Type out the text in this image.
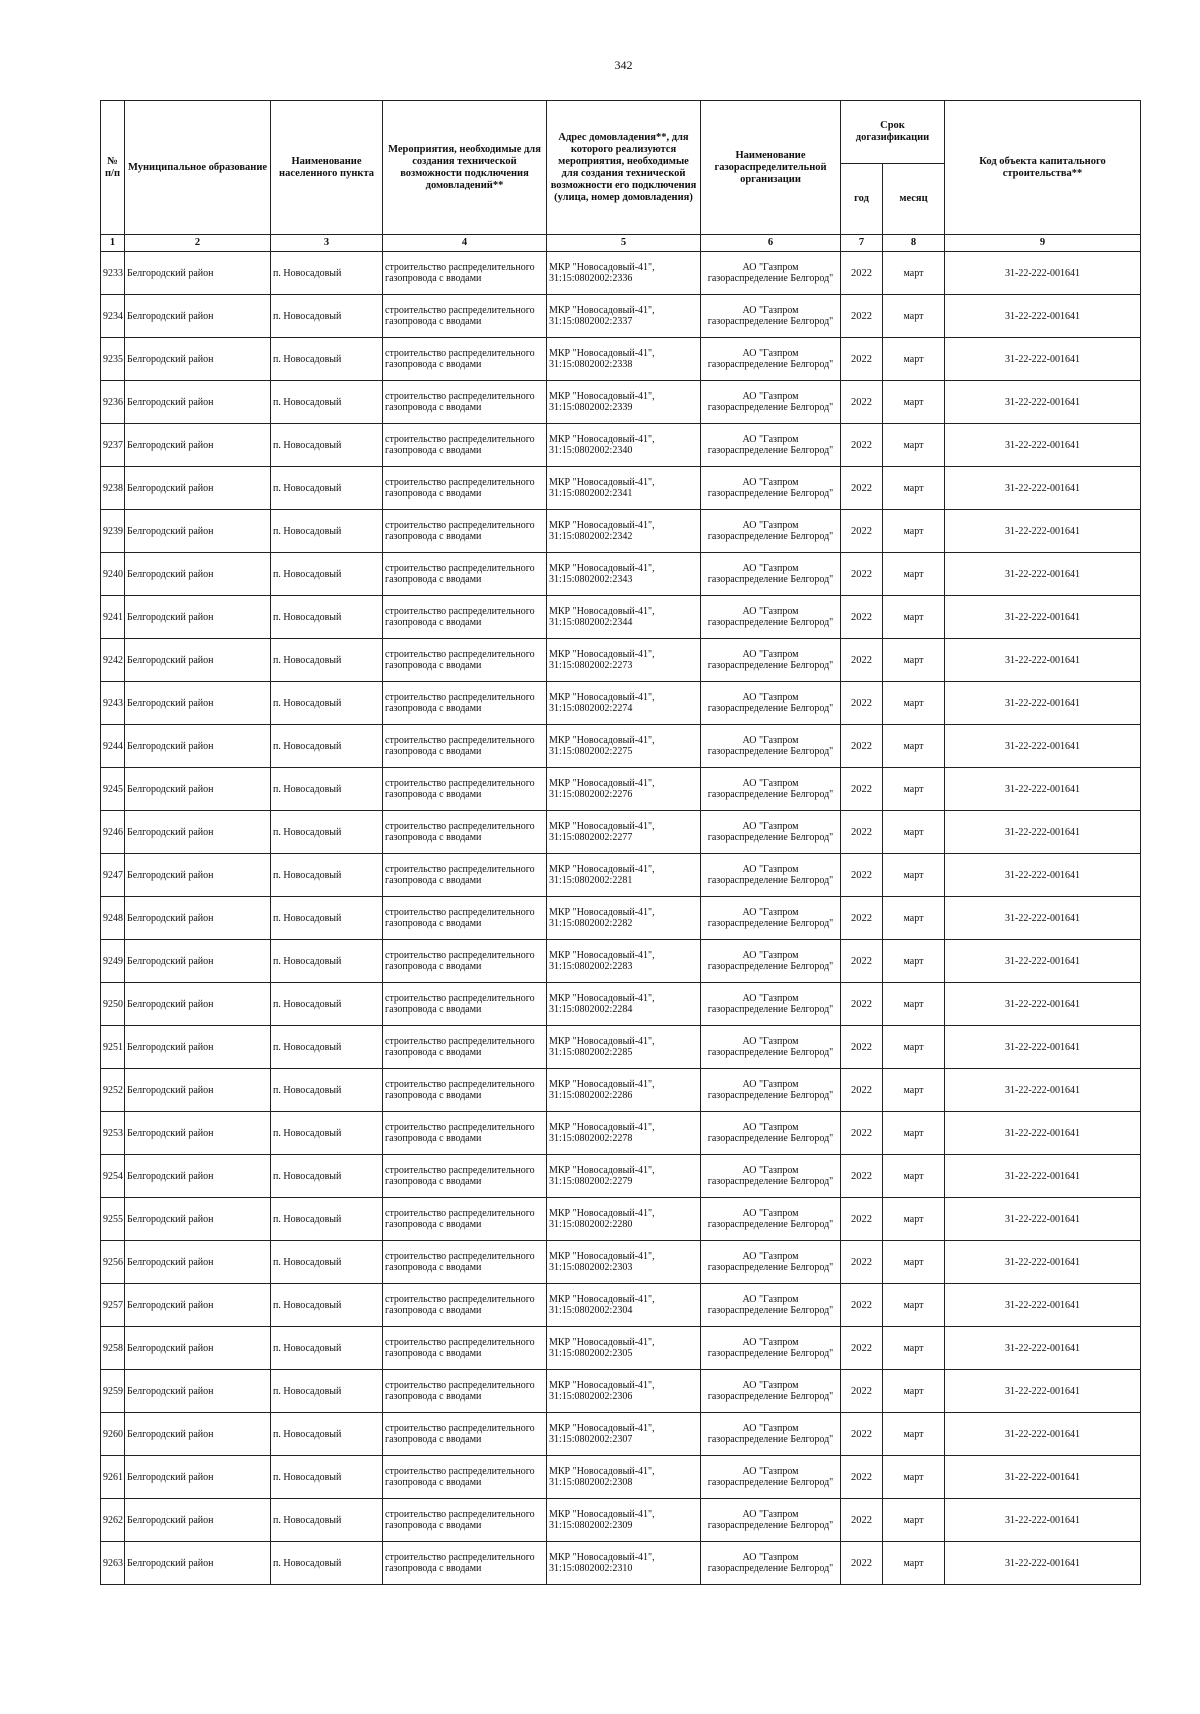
342
№ п/п	Муниципальное образование	Наименование населенного пункта	Мероприятия, необходимые для создания технической возможности подключения домовладений**	Адрес домовладения**, для которого реализуются мероприятия, необходимые для создания технической возможности его подключения (улица, номер домовладения)	Наименование газораспределительной организации	Срок догазификации		Код объекта капитального строительства**
						год	месяц	
1	2	3	4	5	6	7	8	9
9233	Белгородский район	п. Новосадовый	строительство распределительного
газопровода с вводами	МКР "Новосадовый-41",
31:15:0802002:2336	АО "Газпром
газораспределение Белгород"	2022	март	31-22-222-001641
9234	Белгородский район	п. Новосадовый	строительство распределительного
газопровода с вводами	МКР "Новосадовый-41",
31:15:0802002:2337	АО "Газпром
газораспределение Белгород"	2022	март	31-22-222-001641
9235	Белгородский район	п. Новосадовый	строительство распределительного
газопровода с вводами	МКР "Новосадовый-41",
31:15:0802002:2338	АО "Газпром
газораспределение Белгород"	2022	март	31-22-222-001641
9236	Белгородский район	п. Новосадовый	строительство распределительного
газопровода с вводами	МКР "Новосадовый-41",
31:15:0802002:2339	АО "Газпром
газораспределение Белгород"	2022	март	31-22-222-001641
9237	Белгородский район	п. Новосадовый	строительство распределительного
газопровода с вводами	МКР "Новосадовый-41",
31:15:0802002:2340	АО "Газпром
газораспределение Белгород"	2022	март	31-22-222-001641
9238	Белгородский район	п. Новосадовый	строительство распределительного
газопровода с вводами	МКР "Новосадовый-41",
31:15:0802002:2341	АО "Газпром
газораспределение Белгород"	2022	март	31-22-222-001641
9239	Белгородский район	п. Новосадовый	строительство распределительного
газопровода с вводами	МКР "Новосадовый-41",
31:15:0802002:2342	АО "Газпром
газораспределение Белгород"	2022	март	31-22-222-001641
9240	Белгородский район	п. Новосадовый	строительство распределительного
газопровода с вводами	МКР "Новосадовый-41",
31:15:0802002:2343	АО "Газпром
газораспределение Белгород"	2022	март	31-22-222-001641
9241	Белгородский район	п. Новосадовый	строительство распределительного
газопровода с вводами	МКР "Новосадовый-41",
31:15:0802002:2344	АО "Газпром
газораспределение Белгород"	2022	март	31-22-222-001641
9242	Белгородский район	п. Новосадовый	строительство распределительного
газопровода с вводами	МКР "Новосадовый-41",
31:15:0802002:2273	АО "Газпром
газораспределение Белгород"	2022	март	31-22-222-001641
9243	Белгородский район	п. Новосадовый	строительство распределительного
газопровода с вводами	МКР "Новосадовый-41",
31:15:0802002:2274	АО "Газпром
газораспределение Белгород"	2022	март	31-22-222-001641
9244	Белгородский район	п. Новосадовый	строительство распределительного
газопровода с вводами	МКР "Новосадовый-41",
31:15:0802002:2275	АО "Газпром
газораспределение Белгород"	2022	март	31-22-222-001641
9245	Белгородский район	п. Новосадовый	строительство распределительного
газопровода с вводами	МКР "Новосадовый-41",
31:15:0802002:2276	АО "Газпром
газораспределение Белгород"	2022	март	31-22-222-001641
9246	Белгородский район	п. Новосадовый	строительство распределительного
газопровода с вводами	МКР "Новосадовый-41",
31:15:0802002:2277	АО "Газпром
газораспределение Белгород"	2022	март	31-22-222-001641
9247	Белгородский район	п. Новосадовый	строительство распределительного
газопровода с вводами	МКР "Новосадовый-41",
31:15:0802002:2281	АО "Газпром
газораспределение Белгород"	2022	март	31-22-222-001641
9248	Белгородский район	п. Новосадовый	строительство распределительного
газопровода с вводами	МКР "Новосадовый-41",
31:15:0802002:2282	АО "Газпром
газораспределение Белгород"	2022	март	31-22-222-001641
9249	Белгородский район	п. Новосадовый	строительство распределительного
газопровода с вводами	МКР "Новосадовый-41",
31:15:0802002:2283	АО "Газпром
газораспределение Белгород"	2022	март	31-22-222-001641
9250	Белгородский район	п. Новосадовый	строительство распределительного
газопровода с вводами	МКР "Новосадовый-41",
31:15:0802002:2284	АО "Газпром
газораспределение Белгород"	2022	март	31-22-222-001641
9251	Белгородский район	п. Новосадовый	строительство распределительного
газопровода с вводами	МКР "Новосадовый-41",
31:15:0802002:2285	АО "Газпром
газораспределение Белгород"	2022	март	31-22-222-001641
9252	Белгородский район	п. Новосадовый	строительство распределительного
газопровода с вводами	МКР "Новосадовый-41",
31:15:0802002:2286	АО "Газпром
газораспределение Белгород"	2022	март	31-22-222-001641
9253	Белгородский район	п. Новосадовый	строительство распределительного
газопровода с вводами	МКР "Новосадовый-41",
31:15:0802002:2278	АО "Газпром
газораспределение Белгород"	2022	март	31-22-222-001641
9254	Белгородский район	п. Новосадовый	строительство распределительного
газопровода с вводами	МКР "Новосадовый-41",
31:15:0802002:2279	АО "Газпром
газораспределение Белгород"	2022	март	31-22-222-001641
9255	Белгородский район	п. Новосадовый	строительство распределительного
газопровода с вводами	МКР "Новосадовый-41",
31:15:0802002:2280	АО "Газпром
газораспределение Белгород"	2022	март	31-22-222-001641
9256	Белгородский район	п. Новосадовый	строительство распределительного
газопровода с вводами	МКР "Новосадовый-41",
31:15:0802002:2303	АО "Газпром
газораспределение Белгород"	2022	март	31-22-222-001641
9257	Белгородский район	п. Новосадовый	строительство распределительного
газопровода с вводами	МКР "Новосадовый-41",
31:15:0802002:2304	АО "Газпром
газораспределение Белгород"	2022	март	31-22-222-001641
9258	Белгородский район	п. Новосадовый	строительство распределительного
газопровода с вводами	МКР "Новосадовый-41",
31:15:0802002:2305	АО "Газпром
газораспределение Белгород"	2022	март	31-22-222-001641
9259	Белгородский район	п. Новосадовый	строительство распределительного
газопровода с вводами	МКР "Новосадовый-41",
31:15:0802002:2306	АО "Газпром
газораспределение Белгород"	2022	март	31-22-222-001641
9260	Белгородский район	п. Новосадовый	строительство распределительного
газопровода с вводами	МКР "Новосадовый-41",
31:15:0802002:2307	АО "Газпром
газораспределение Белгород"	2022	март	31-22-222-001641
9261	Белгородский район	п. Новосадовый	строительство распределительного
газопровода с вводами	МКР "Новосадовый-41",
31:15:0802002:2308	АО "Газпром
газораспределение Белгород"	2022	март	31-22-222-001641
9262	Белгородский район	п. Новосадовый	строительство распределительного
газопровода с вводами	МКР "Новосадовый-41",
31:15:0802002:2309	АО "Газпром
газораспределение Белгород"	2022	март	31-22-222-001641
9263	Белгородский район	п. Новосадовый	строительство распределительного
газопровода с вводами	МКР "Новосадовый-41",
31:15:0802002:2310	АО "Газпром
газораспределение Белгород"	2022	март	31-22-222-001641
